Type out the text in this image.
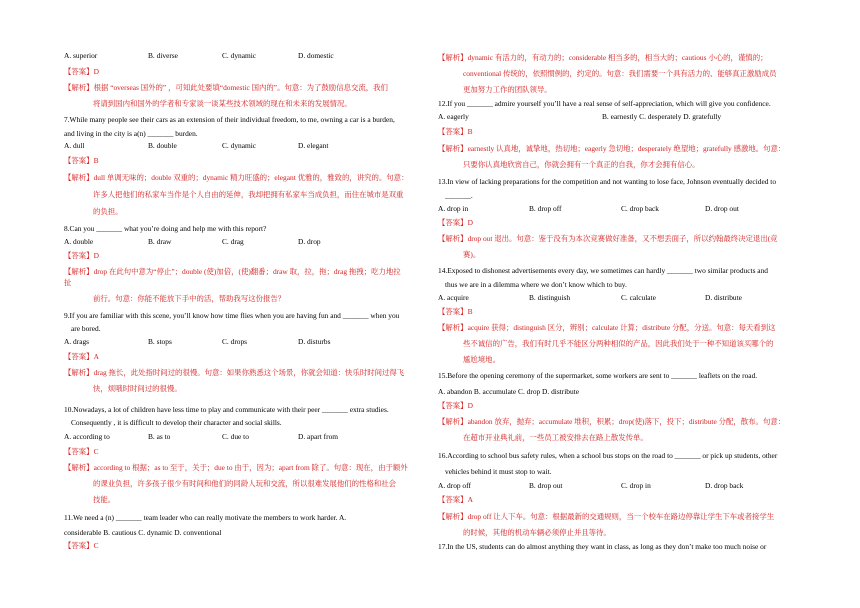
A. superior	B. diverse	C. dynamic	D. domestic
【答案】D
【解析】根据 “overseas 国外的” ，可知此处要填“domestic 国内的”。句意：为了鼓励信息交流，我们
将请到国内和国外的学者和专家谈一谈某些技术领域的现在和未来的发展情况。
7.While many people see their cars as an extension of their individual freedom, to me, owning a car is a burden,
and living in the city is a(n) _______ burden.
A. dull	B. double	C. dynamic	D. elegant
【答案】B
【解析】dull 单调无味的；double 双重的；dynamic 精力旺盛的；elegant 优雅的，雅致的，讲究的。句意：
许多人把他们的私家车当作是个人自由的延伸，我却把拥有私家车当成负担，而住在城市是双重
的负担。
8.Can you _______ what you’re doing and help me with this report?
A. double	B. draw	C. drag	D. drop
【答案】D
【解析】drop 在此句中意为“停止”；double (使)加倍，(使)翻番；draw 取，拉，拖；drag 拖拽；吃力地拉
扯
前行。句意：你能不能放下手中的活，帮助我写这份报告？
9.If you are familiar with this scene, you’ll know how time flies when you are having fun and _______ when you
are bored.
A. drags	B. stops	C. drops	D. disturbs
【答案】A
【解析】drag 拖长，此处指时间过的很慢。句意：如果你熟悉这个场景，你就会知道：快乐时时间过得飞
快，烦哦时时间过的很慢。
10.Nowadays, a lot of children have less time to play and communicate with their peer _______ extra studies.
Consequently , it is difficult to develop their character and social skills.
A. according to	B. as to	C. due to	D. apart from
【答案】C
【解析】according to 根据；as to 至于，关于；due to 由于，因为；apart from 除了。句意：现在，由于额外
的课业负担，许多孩子很少有时间和他们的同龄人玩和交流，所以很难发展他们的性格和社会
技能。
11.We need a (n) _______ team leader who can really motivate the members to work harder. A.
considerable B. cautious C. dynamic D. conventional
【答案】C
【解析】dynamic 有活力的，有动力的；considerable 相当多的，相当大的；cautious 小心的，谨慎的；
conventional 传统的，依照惯例的，约定的。句意：我们需要一个具有活力的、能够真正激励成员
更加努力工作的团队领导。
12.If you _______ admire yourself you’ll have a real sense of self-appreciation, which will give you confidence.
A. eagerly	B. earnestly C. desperately D. gratefully
【答案】B
【解析】earnestly 认真地，诚挚地，热切地；eagerly 急切地；desperately 绝望地；gratefully 感激地。句意：
只要你认真地欣赏自己，你就会拥有一个真正的自我，你才会拥有信心。
13.In view of lacking preparations for the competition and not wanting to lose face, Johnson eventually decided to
_______.
A. drop in	B. drop off	C. drop back	D. drop out
【答案】D
【解析】drop out 退出。句意：鉴于没有为本次竞赛做好准备，又不想丢面子，所以约翰最终决定退出(竞
赛)。
14.Exposed to dishonest advertisements every day, we sometimes can hardly _______ two similar products and
thus we are in a dilemma where we don’t know which to buy.
A. acquire	B. distinguish	C. calculate	D. distribute
【答案】B
【解析】acquire 获得；distinguish 区分，辨别；calculate 计算；distribute 分配，分送。句意：每天看到这
些不诚信的广告，我们有时几乎不能区分两种相似的产品，因此我们处于一种不知道该买哪个的
尴尬境地。
15.Before the opening ceremony of the supermarket, some workers are sent to _______ leaflets on the road.
A. abandon B. accumulate C. drop D. distribute
【答案】D
【解析】abandon 放弃，抛弃；accumulate 堆积，积累；drop(使)落下，投下；distribute 分配，散布。句意：
在超市开业典礼前，一些员工被安排去在路上散发传单。
16.According to school bus safety rules, when a school bus stops on the road to _______ or pick up students, other
vehicles behind it must stop to wait.
A. drop off	B. drop out	C. drop in	D. drop back
【答案】A
【解析】drop off 让人下车。句意：根据最新的交通规则，当一个校车在路边停靠让学生下车或者接学生
的时候，其他的机动车辆必须停止并且等待。
17.In the US, students can do almost anything they want in class, as long as they don’t make too much noise or
